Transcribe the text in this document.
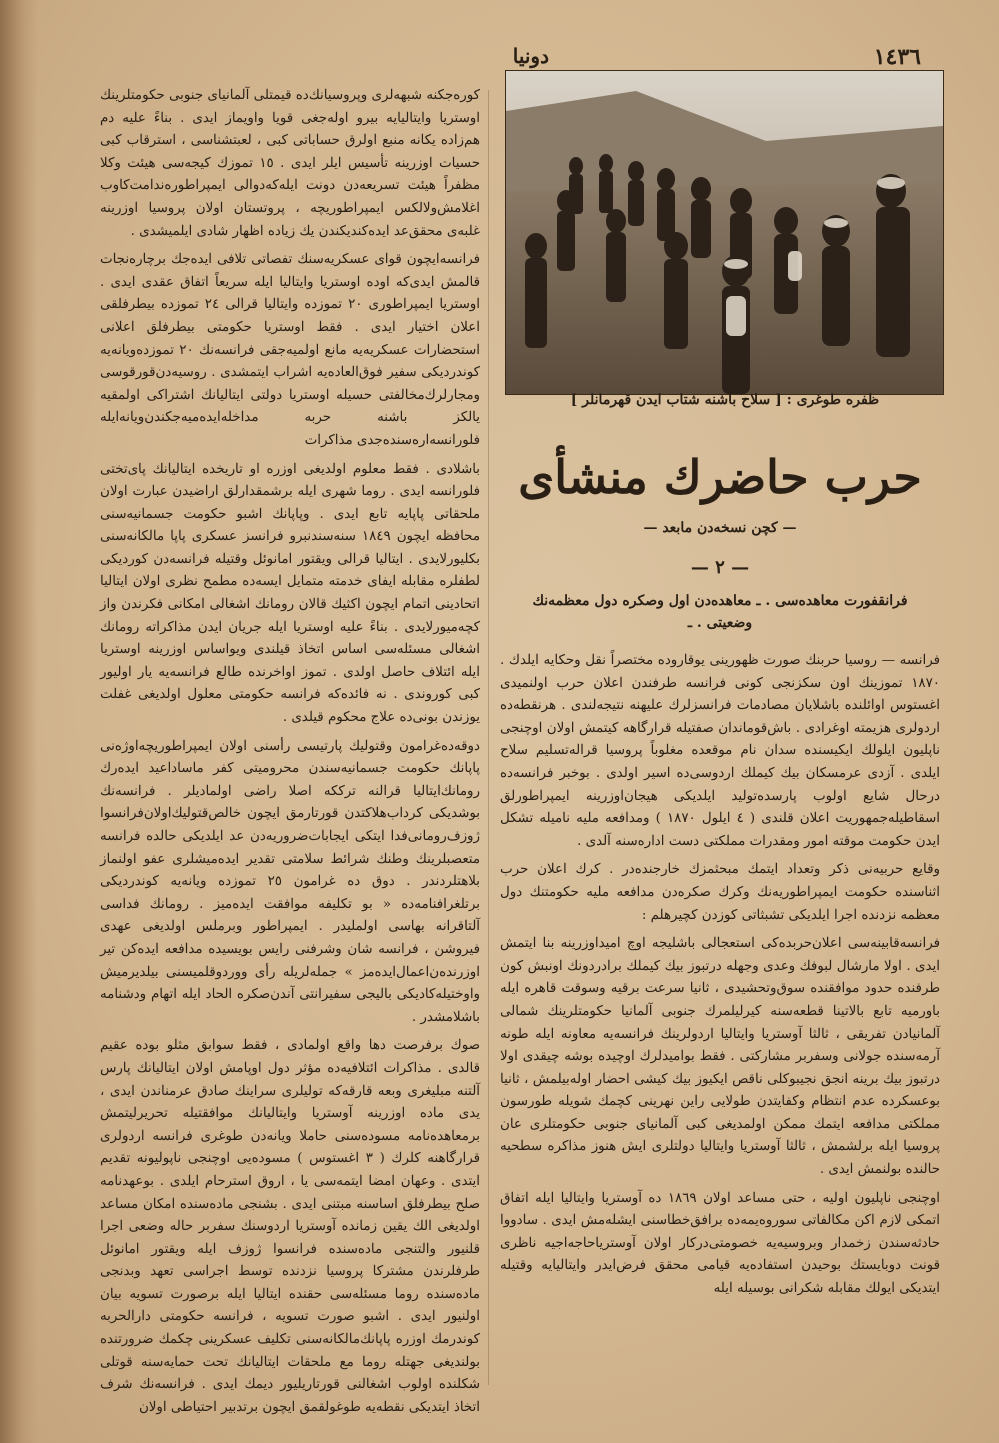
١٤٣٦
دونیا

كوره‌جكنه شبهه‌لری وپروسیانك‌ده قیمتلی آلمانیای جنوبی حكومتلرینك اوستریا وایتالیایه بیرو اوله‌جغی قویا واویماز ایدی . بناءً علیه دم هم‌زاده یكانه منبع اولرق حساباتی كبی ، لعبتشناسی ، استرقاب كبی حسیات اوزرینه تأسیس ایلر ایدی . ١٥ تموزك كیجه‌سی هیئت وكلا مظفراً هیئت تسریعه‌دن دونت ایله‌كه‌دوالی ایمپراطوره‌ندامت‌كاوب اغلامش‌ولالكس ایمپراطوریچه ، پروتستان اولان پروسیا اوزرینه غلبه‌ی محقق‌عد ایده‌كندیكندن یك زیاده اظهار شادی ایلمیشدی .

فرانسه‌ایچون قوای عسكریه‌سنك تفصاتی تلافی ایده‌جك برچاره‌نجات قالمش ایدی‌كه اوده اوستریا وایتالیا ایله سریعاً اتفاق عقدی ایدی . اوستریا ایمپراطوری ٢٠ تموزده وایتالیا قرالی ٢٤ تموزده بیطرفلقی اعلان اختیار ایدی . فقط اوستریا حكومتی بیطرفلق اعلانی استحضارات عسكریه‌یه مانع اولمیه‌جقی فرانسه‌نك ٢٠ تموزده‌ویانه‌یه كوندردیكی سفیر فوق‌العاده‌یه اشراب ایتمشدی . روسیه‌دن‌قورقوسی ومجارلرك‌مخالفتی حسیله اوستریا دولتی ایتالیانك اشتراكی اولمقیه یالكز باشنه حربه مداخله‌ایده‌میه‌جكندن‌ویانه‌ایله فلورانسه‌اره‌سنده‌جدی مذاكرات

باشلادی . فقط معلوم اولدیغی اوزره او تاریخده ایتالیانك پای‌تختی فلورانسه ایدی . روما شهری ایله برشمقدارلق اراضیدن عبارت اولان ملحقاتی پاپایه تابع ایدی . وپاپانك اشبو حكومت جسمانیه‌سنی محافظه ایچون ١٨٤٩ سنه‌سندنبرو فرانسز عسكری پاپا مالكانه‌سنی بكلیورلایدی . ایتالیا قرالی ویقتور امانوئل وقتیله فرانسه‌دن كوردیكی لطفلره مقابله ایفای خدمته متمایل ایسه‌ده مطمح نظری اولان ایتالیا اتحادینی اتمام ایچون اكثیك قالان رومانك اشغالی امكانی فكرندن واز كچه‌میورلایدی . بناءً علیه اوستریا ایله جریان ایدن مذاكراته رومانك اشغالی مسئله‌سی اساس اتخاذ قیلندی ویواساس اوزرینه اوستریا ایله ائتلاف حاصل اولدی . تموز اواخرنده طالع فرانسه‌یه یار اولیور كبی كوروندی . نه فائده‌كه فرانسه حكومتی معلول اولدیغی غفلت یوزندن بونی‌ده علاج محكوم قیلدی .

دوقه‌ده‌غرامون وقتولیك پارتیسی رأسنی اولان ایمپراطوریچه‌اوژه‌نی پاپانك حكومت جسمانیه‌سندن محرومیتی كفر ماساداعید ایده‌رك رومانك‌ایتالیا قرالنه ترككه اصلا راضی اولمادیلر . فرانسه‌نك بوشدیكی كرداب‌هلاكتدن قورتارمق ایچون خالص‌قتولیك‌اولان‌فرانسوا ژوزف‌رومانی‌فدا ایتكی ایجابات‌ضروریه‌دن عد ایلدیكی حالده فرانسه متعصبلرینك وطنك شرائط سلامتی تقدیر ایده‌میشلری عفو اولنماز بلاهتلردندر . دوق ده غرامون ٢٥ تموزده ویانه‌یه كوندردیكی برتلغرافنامه‌ده « بو تكلیفه موافقت ایده‌میز . رومانك فداسی آلتاقرانه بهاسی اولملیدر . ایمپراطور وبرملس اولدیغی عهدی فیروشن ، فرانسه شان وشرفنی رایس بویسیده مدافعه ایده‌كن تیر اوزرنده‌ن‌اعمال‌ایده‌مز » جمله‌لریله رأی ووردوقلمیسنی بیلدیرمیش واوختیله‌كادیكی بالیجی سفیرانتی آندن‌صكره الحاد ایله اتهام ودشنامه باشلامشدر .

صوك برفرصت دها واقع اولمادی ، فقط سوابق مثلو بوده عقیم قالدی . مذاكرات ائتلافیه‌ده مؤثر دول اوپامش اولان ایتالیانك پارس آلتنه مبلیغری وبعه قارقه‌كه تولیلری سراینك صادق عرمناندن ایدی ، یدی ماده اوزرینه آوستریا وایتالیانك موافقتیله تحریرلیتمش برمعاهده‌نامه مسوده‌سنی حاملا ویانه‌دن طوغری فرانسه اردولری قرارگاهنه كلرك ( ٣ اغستوس ) مسوده‌یی اوچنجی ناپولیونه تقدیم ایتدی . وعهان امضا ایتمه‌سی یا ، اروق استرحام ایلدی . بوعهدنامه صلح بیطرفلق اساسنه مبتنی ایدی . بشنجی ماده‌سنده امكان مساعد اولدیغی الك یقین زمانده آوستریا اردوسنك سفربر حاله وضعی اجرا قلنیور والتنجی ماده‌سنده فرانسوا ژوزف ایله ویقتور امانوئل طرفلرندن مشتركا پروسیا نزدنده توسط اجراسی تعهد وبدنجی ماده‌سنده روما مسئله‌سی حقنده ایتالیا ایله برصورت تسویه بیان اولنیور ایدی . اشبو صورت تسویه ، فرانسه حكومتی دارالحربه كوندرمك اوزره پاپانك‌مالكانه‌سنی تكلیف عسكرینی چكمك ضرورتنده بولندیغی جهتله روما مع ملحقات ایتالیانك تحت حمایه‌سنه قوتلی شكلنده اولوب اشغالنی قورتاریلیور دیمك ایدی . فرانسه‌نك شرف اتخاذ ایتدیكی نقطه‌یه طوغولقمق ایچون برتدبیر احتیاطی اولان

ظفره طوغری : [ سلاح باشنه شتاب ایدن قهرمانلر ]
حرب حاضرك منشأی
— كچن نسخه‌دن مابعد —
— ٢ —
فرانقفورت معاهده‌سی . ـ معاهده‌دن اول وصكره دول معظمه‌نك وضعیتی . ـ

فرانسه — روسیا حربنك صورت ظهورینی یوقاروده مختصراً نقل وحكایه ایلدك . ١٨٧٠ تموزینك اون سكزنجی كونی فرانسه طرفندن اعلان حرب اولنمیدی اغستوس اوائلنده باشلایان مصادمات فرانسزلرك علیهنه نتیجه‌لندی . هرنقطه‌ده اردولری هزیمته اوغرادی . باش‌قوماندان صفتیله قرارگاهه كیتمش اولان اوچنجی ناپلیون ایلولك ایكیسنده سدان نام موقعده مغلوباً پروسیا قراله‌تسلیم سلاح ایلدی . آزدی عرمسكان بیك كیملك اردوسی‌ده اسیر اولدی . بوخبر فرانسه‌ده درحال شایع اولوب پارسده‌تولید ایلدیكی هیجان‌اوزرینه ایمپراطورلق اسقاطیله‌جمهوریت اعلان قلندی ( ٤ ایلول ١٨٧٠ ) ومدافعه ملیه نامیله تشكل ایدن حكومت موقته امور ومقدرات مملكتی دست اداره‌سنه آلدی .

وقایع حربیه‌نی ذكر وتعداد ایتمك مبحثمزك خارجنده‌در . كرك اعلان حرب اثناسنده حكومت ایمپراطوریه‌نك وكرك صكره‌دن مدافعه ملیه حكومتنك دول معظمه نزدنده اجرا ایلدیكی تشبثاتی كوزدن كچیرهلم :

فرانسه‌قابینه‌سی اعلان‌حربده‌كی استعجالی باشلیجه اوچ امیداوزرینه بنا ایتمش ایدی . اولا مارشال لبوفك وعدی وجهله درتبوز بیك كیملك برادردونك اونبش كون طرفنده حدود موافقنده سوق‌وتحشیدی ، ثانیا سرعت برقیه وسوقت قاهره ایله باورمیه تابع بالاتینا قطعه‌سنه كیرلیلمرك جنوبی آلمانیا حكومتلرینك شمالی آلمانیادن تفریقی ، ثالثا آوستریا وایتالیا اردولرینك فرانسه‌یه معاونه ایله طونه آرمه‌سنده جولانی وسفربر مشاركتی . فقط بوامیدلرك اوچیده بوشه چیقدی اولا درتبوز بیك برینه انجق نجیبوكلی ناقص ایكیوز بیك كیشی احضار اوله‌بیلمش ، ثانیا بوعسكرده عدم انتظام وكفایتدن طولایی راین نهرینی كچمك شویله طورسون مملكتی مدافعه ایتمك ممكن اولمدیغی كبی آلمانیای جنوبی حكومتلری عان پروسیا ایله برلشمش ، ثالثا آوستریا وایتالیا دولتلری ایش هنوز مذاكره سطحیه حالنده بولنمش ایدی .

اوچنجی ناپلیون اولیه ، حتی مساعد اولان ١٨٦٩ ده آوستریا وایتالیا ایله اتفاق اتمكی لازم اكن مكالفاتی سوروه‌یمه‌ده برافق‌خطاسنی ایشله‌مش ایدی . سادووا حادثه‌سندن زخمدار وبروسیه‌یه خصومتی‌دركار اولان آوستریا‌حاجه‌اجیه ناظری قونت دوبایستك بوحیدن استفاده‌یه قیامی محقق فرض‌ایدر وایتالیایه وقتیله ایتدیكی ایولك مقابله شكرانی بوسیله ایله
